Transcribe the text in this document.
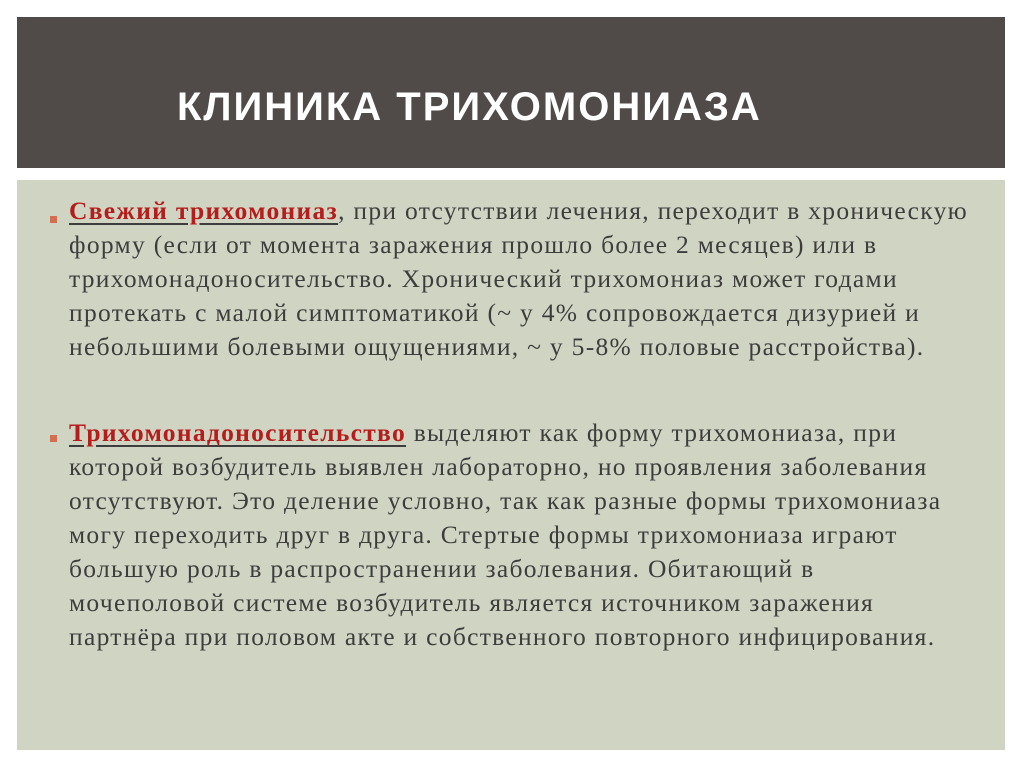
КЛИНИКА ТРИХОМОНИАЗА
Свежий трихомониаз, при отсутствии лечения, переходит в хроническую форму (если от момента заражения прошло более 2 месяцев) или в трихомонадоносительство. Хронический трихомониаз может годами протекать с малой симптоматикой (~ у 4% сопровождается дизурией и небольшими болевыми ощущениями, ~ у 5-8% половые расстройства).
Трихомонадоносительство выделяют как форму трихомониаза, при которой возбудитель выявлен лабораторно, но проявления заболевания отсутствуют. Это деление условно, так как разные формы трихомониаза могу переходить друг в друга. Стертые формы трихомониаза играют большую роль в распространении заболевания. Обитающий в мочеполовой системе возбудитель является источником заражения партнёра при половом акте и собственного повторного инфицирования.
